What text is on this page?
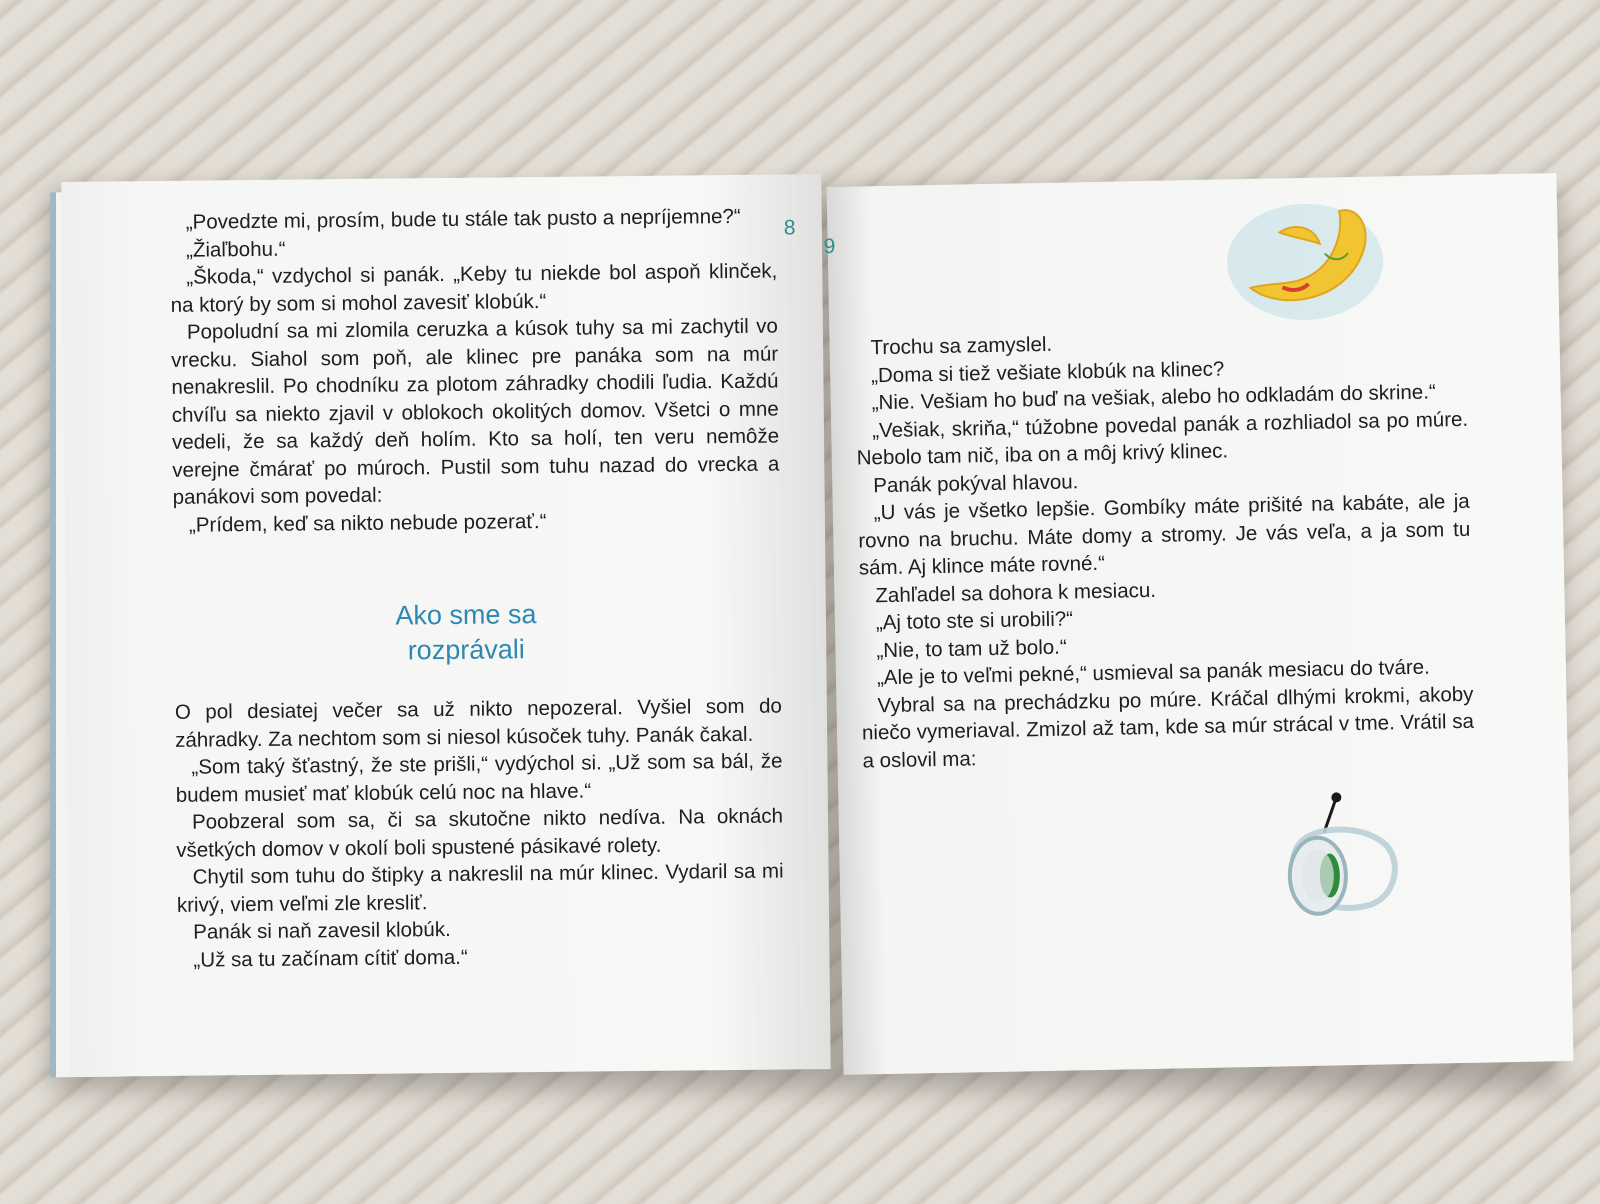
8

„Povedzte mi, prosím, bude tu stále tak pusto a nepríjemne?“

„Žiaľbohu.“

„Škoda,“ vzdychol si panák. „Keby tu niekde bol aspoň klinček, na ktorý by som si mohol zavesiť klobúk.“

Popoludní sa mi zlomila ceruzka a kúsok tuhy sa mi zachytil vo vrecku. Siahol som poň, ale klinec pre panáka som na múr nenakreslil. Po chodníku za plotom záhradky chodili ľudia. Každú chvíľu sa niekto zjavil v oblokoch okolitých domov. Všetci o mne vedeli, že sa každý deň holím. Kto sa holí, ten veru nemôže verejne čmárať po múroch. Pustil som tuhu nazad do vrecka a panákovi som povedal:

„Prídem, keď sa nikto nebude pozerať.“

Ako sme sa
rozprávali

O pol desiatej večer sa už nikto nepozeral. Vyšiel som do záhradky. Za nechtom som si niesol kúsoček tuhy. Panák čakal.

„Som taký šťastný, že ste prišli,“ vydýchol si. „Už som sa bál, že budem musieť mať klobúk celú noc na hlave.“

Poobzeral som sa, či sa skutočne nikto nedíva. Na oknách všetkých domov v okolí boli spustené pásikavé rolety.

Chytil som tuhu do štipky a nakreslil na múr klinec. Vydaril sa mi krivý, viem veľmi zle kresliť.

Panák si naň zavesil klobúk.

„Už sa tu začínam cítiť doma.“

9

Trochu sa zamyslel.

„Doma si tiež vešiate klobúk na klinec?

„Nie. Vešiam ho buď na vešiak, alebo ho odkladám do skrine.“

„Vešiak, skriňa,“ túžobne povedal panák a rozhliadol sa po múre. Nebolo tam nič, iba on a môj krivý klinec.

Panák pokýval hlavou.

„U vás je všetko lepšie. Gombíky máte prišité na kabáte, ale ja rovno na bruchu. Máte domy a stromy. Je vás veľa, a ja som tu sám. Aj klince máte rovné.“

Zahľadel sa dohora k mesiacu.

„Aj toto ste si urobili?“

„Nie, to tam už bolo.“

„Ale je to veľmi pekné,“ usmieval sa panák mesiacu do tváre.

Vybral sa na prechádzku po múre. Kráčal dlhými krokmi, akoby niečo vymeriaval. Zmizol až tam, kde sa múr strácal v tme. Vrátil sa a oslovil ma:
